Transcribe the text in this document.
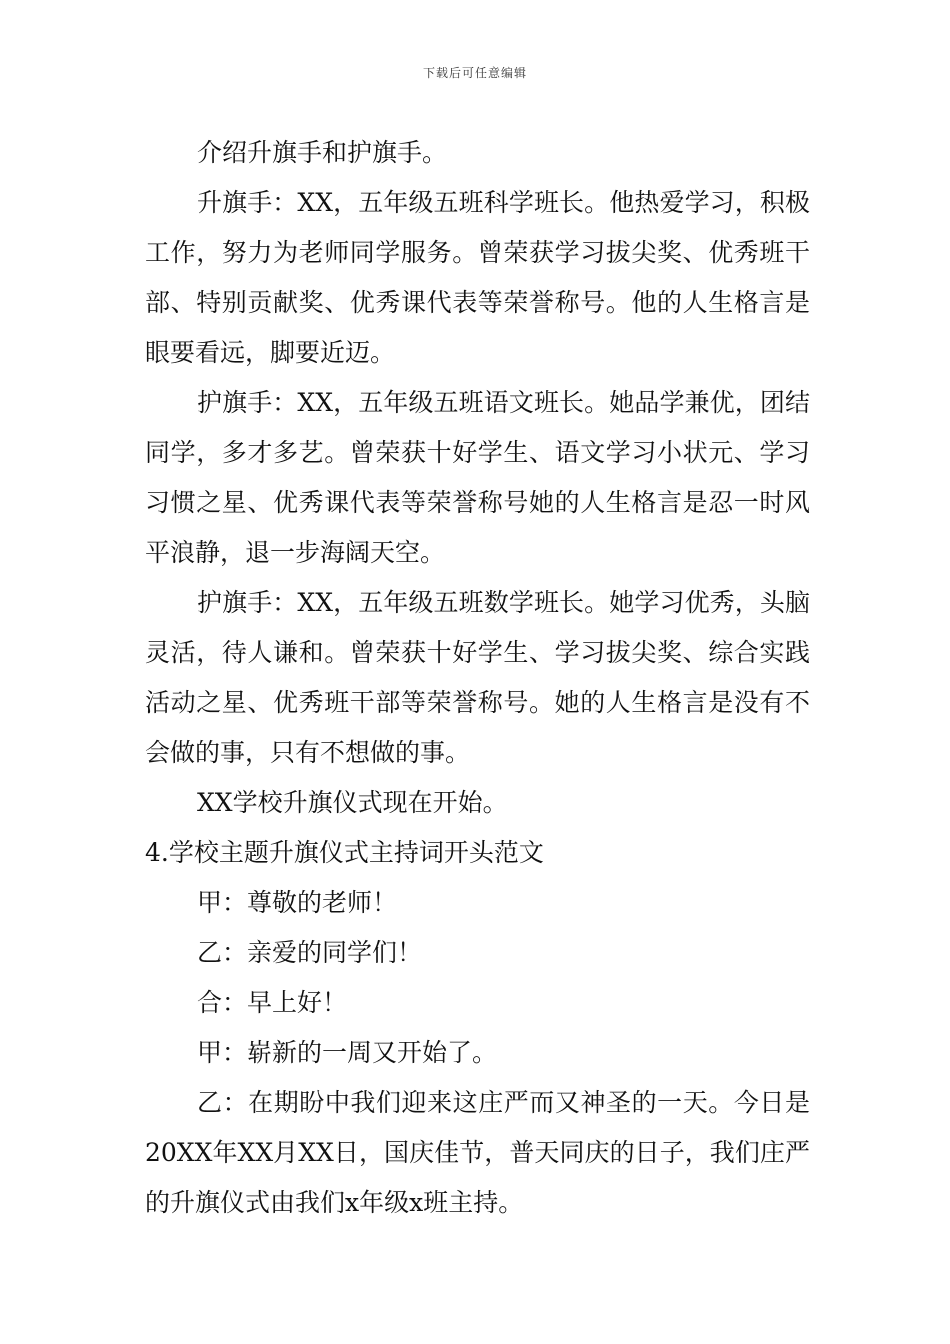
下载后可任意编辑

介绍升旗手和护旗手。

升旗手：XX，五年级五班科学班长。他热爱学习，积极工作，努力为老师同学服务。曾荣获学习拔尖奖、优秀班干部、特别贡献奖、优秀课代表等荣誉称号。他的人生格言是眼要看远，脚要近迈。

护旗手：XX，五年级五班语文班长。她品学兼优，团结同学，多才多艺。曾荣获十好学生、语文学习小状元、学习习惯之星、优秀课代表等荣誉称号她的人生格言是忍一时风平浪静，退一步海阔天空。

护旗手：XX，五年级五班数学班长。她学习优秀，头脑灵活，待人谦和。曾荣获十好学生、学习拔尖奖、综合实践活动之星、优秀班干部等荣誉称号。她的人生格言是没有不会做的事，只有不想做的事。

XX学校升旗仪式现在开始。

4.学校主题升旗仪式主持词开头范文

甲：尊敬的老师！

乙：亲爱的同学们！

合：早上好！

甲：崭新的一周又开始了。

乙：在期盼中我们迎来这庄严而又神圣的一天。今日是20XX年XX月XX日，国庆佳节，普天同庆的日子，我们庄严的升旗仪式由我们x年级x班主持。
